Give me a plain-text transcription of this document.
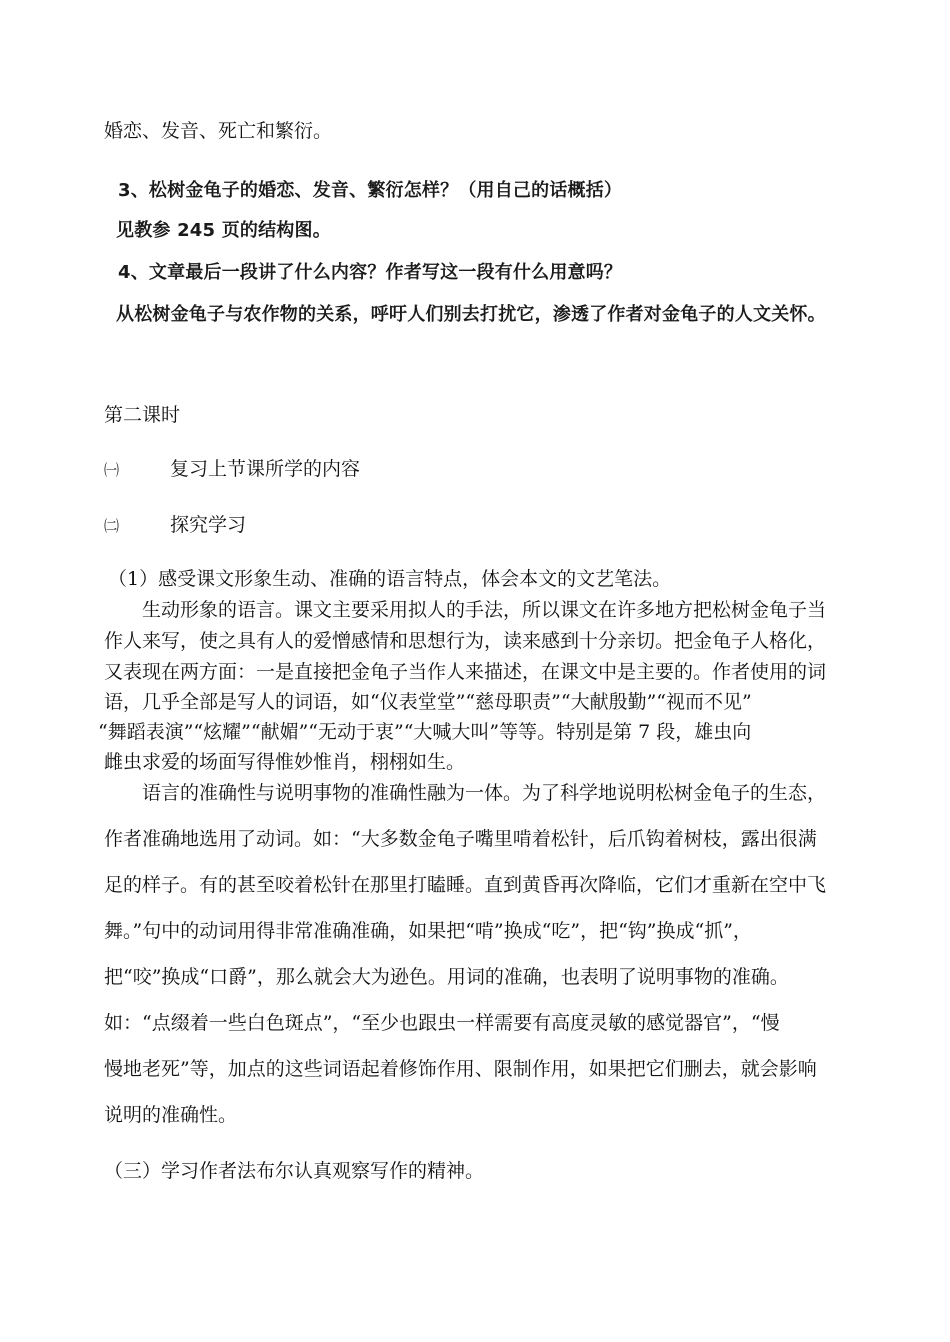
婚恋、发音、死亡和繁衍。
3、松树金龟子的婚恋、发音、繁衍怎样？（用自己的话概括）
见教参 245 页的结构图。
4、文章最后一段讲了什么内容？作者写这一段有什么用意吗？
从松树金龟子与农作物的关系，呼吁人们别去打扰它，渗透了作者对金龟子的人文关怀。
第二课时
㈠	复习上节课所学的内容
㈡	探究学习
（1）感受课文形象生动、准确的语言特点，体会本文的文艺笔法。
生动形象的语言。课文主要采用拟人的手法，所以课文在许多地方把松树金龟子当
作人来写，使之具有人的爱憎感情和思想行为，读来感到十分亲切。把金龟子人格化，
又表现在两方面：一是直接把金龟子当作人来描述，在课文中是主要的。作者使用的词
语，几乎全部是写人的词语，如“仪表堂堂”“慈母职责”“大献殷勤”“视而不见”
“舞蹈表演”“炫耀”“献媚”“无动于衷”“大喊大叫”等等。特别是第 7 段，雄虫向
雌虫求爱的场面写得惟妙惟肖，栩栩如生。
语言的准确性与说明事物的准确性融为一体。为了科学地说明松树金龟子的生态，
作者准确地选用了动词。如：“大多数金龟子嘴里啃着松针，后爪钩着树枝，露出很满
足的样子。有的甚至咬着松针在那里打瞌睡。直到黄昏再次降临，它们才重新在空中飞
舞。”句中的动词用得非常准确准确，如果把“啃”换成“吃”，把“钩”换成“抓”，
把“咬”换成“口爵”，那么就会大为逊色。用词的准确，也表明了说明事物的准确。
如：“点缀着一些白色斑点”，“至少也跟虫一样需要有高度灵敏的感觉器官”，“慢
慢地老死”等，加点的这些词语起着修饰作用、限制作用，如果把它们删去，就会影响
说明的准确性。
（三）学习作者法布尔认真观察写作的精神。
